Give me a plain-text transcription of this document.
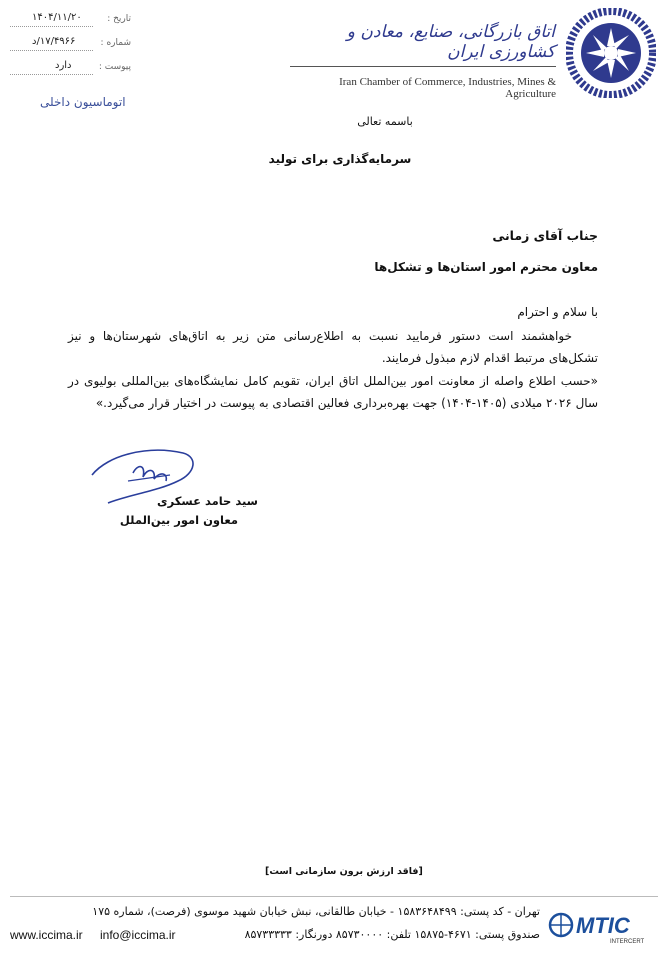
۱۴۰۴/۱۱/۲۰	تاریخ :
۱۷/۴۹۶۶/د	شماره :
دارد	پیوست :
اتوماسیون داخلی
اتاق بازرگانی، صنایع، معادن و کشاورزی ایران
Iran Chamber of Commerce, Industries, Mines & Agriculture
باسمه تعالی
سرمایه‌گذاری برای تولید
جناب آقای زمانی
معاون محترم امور استان‌ها و تشکل‌ها
با سلام و احترام
خواهشمند است دستور فرمایید نسبت به اطلاع‌رسانی متن زیر به اتاق‌های شهرستان‌ها و نیز تشکل‌های مرتبط اقدام لازم مبذول فرمایند.
«حسب اطلاع واصله از معاونت امور بین‌الملل اتاق ایران، تقویم کامل نمایشگاه‌های بین‌المللی بولیوی در سال ۲۰۲۶ میلادی (۱۴۰۵-۱۴۰۴) جهت بهره‌برداری فعالین اقتصادی به پیوست در اختیار قرار می‌گیرد.»
سید حامد عسکری
معاون امور بین‌الملل
[فاقد ارزش برون سازمانی است]
تهران - کد پستی: ۱۵۸۳۶۴۸۴۹۹ - خیابان طالقانی، نبش خیابان شهید موسوی (فرصت)، شماره ۱۷۵
صندوق پستی: ۴۶۷۱-۱۵۸۷۵ تلفن: ۸۵۷۳۰۰۰۰ دورنگار: ۸۵۷۳۳۳۳۳
info@iccima.ir
www.iccima.ir	MTIC
INTERCERT
